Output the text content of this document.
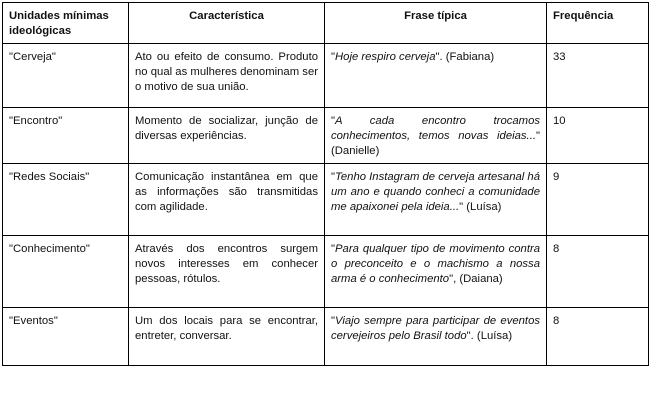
Unidades mínimas ideológicas	Característica	Frase típica	Frequência
"Cerveja"	Ato ou efeito de consumo. Produto no qual as mulheres denominam ser o motivo de sua união.	"Hoje respiro cerveja". (Fabiana)	33
"Encontro"	Momento de socializar, junção de diversas experiências.	"A cada encontro trocamos conhecimentos, temos novas ideias..." (Danielle)	10
"Redes Sociais"	Comunicação instantânea em que as informações são transmitidas com agilidade.	"Tenho Instagram de cerveja artesanal há um ano e quando conheci a comunidade me apaixonei pela ideia..." (Luísa)	9
"Conhecimento"	Através dos encontros surgem novos interesses em conhecer pessoas, rótulos.	"Para qualquer tipo de movimento contra o preconceito e o machismo a nossa arma é o conhecimento", (Daiana)	8
"Eventos"	Um dos locais para se encontrar, entreter, conversar.	"Viajo sempre para participar de eventos cervejeiros pelo Brasil todo". (Luísa)	8
